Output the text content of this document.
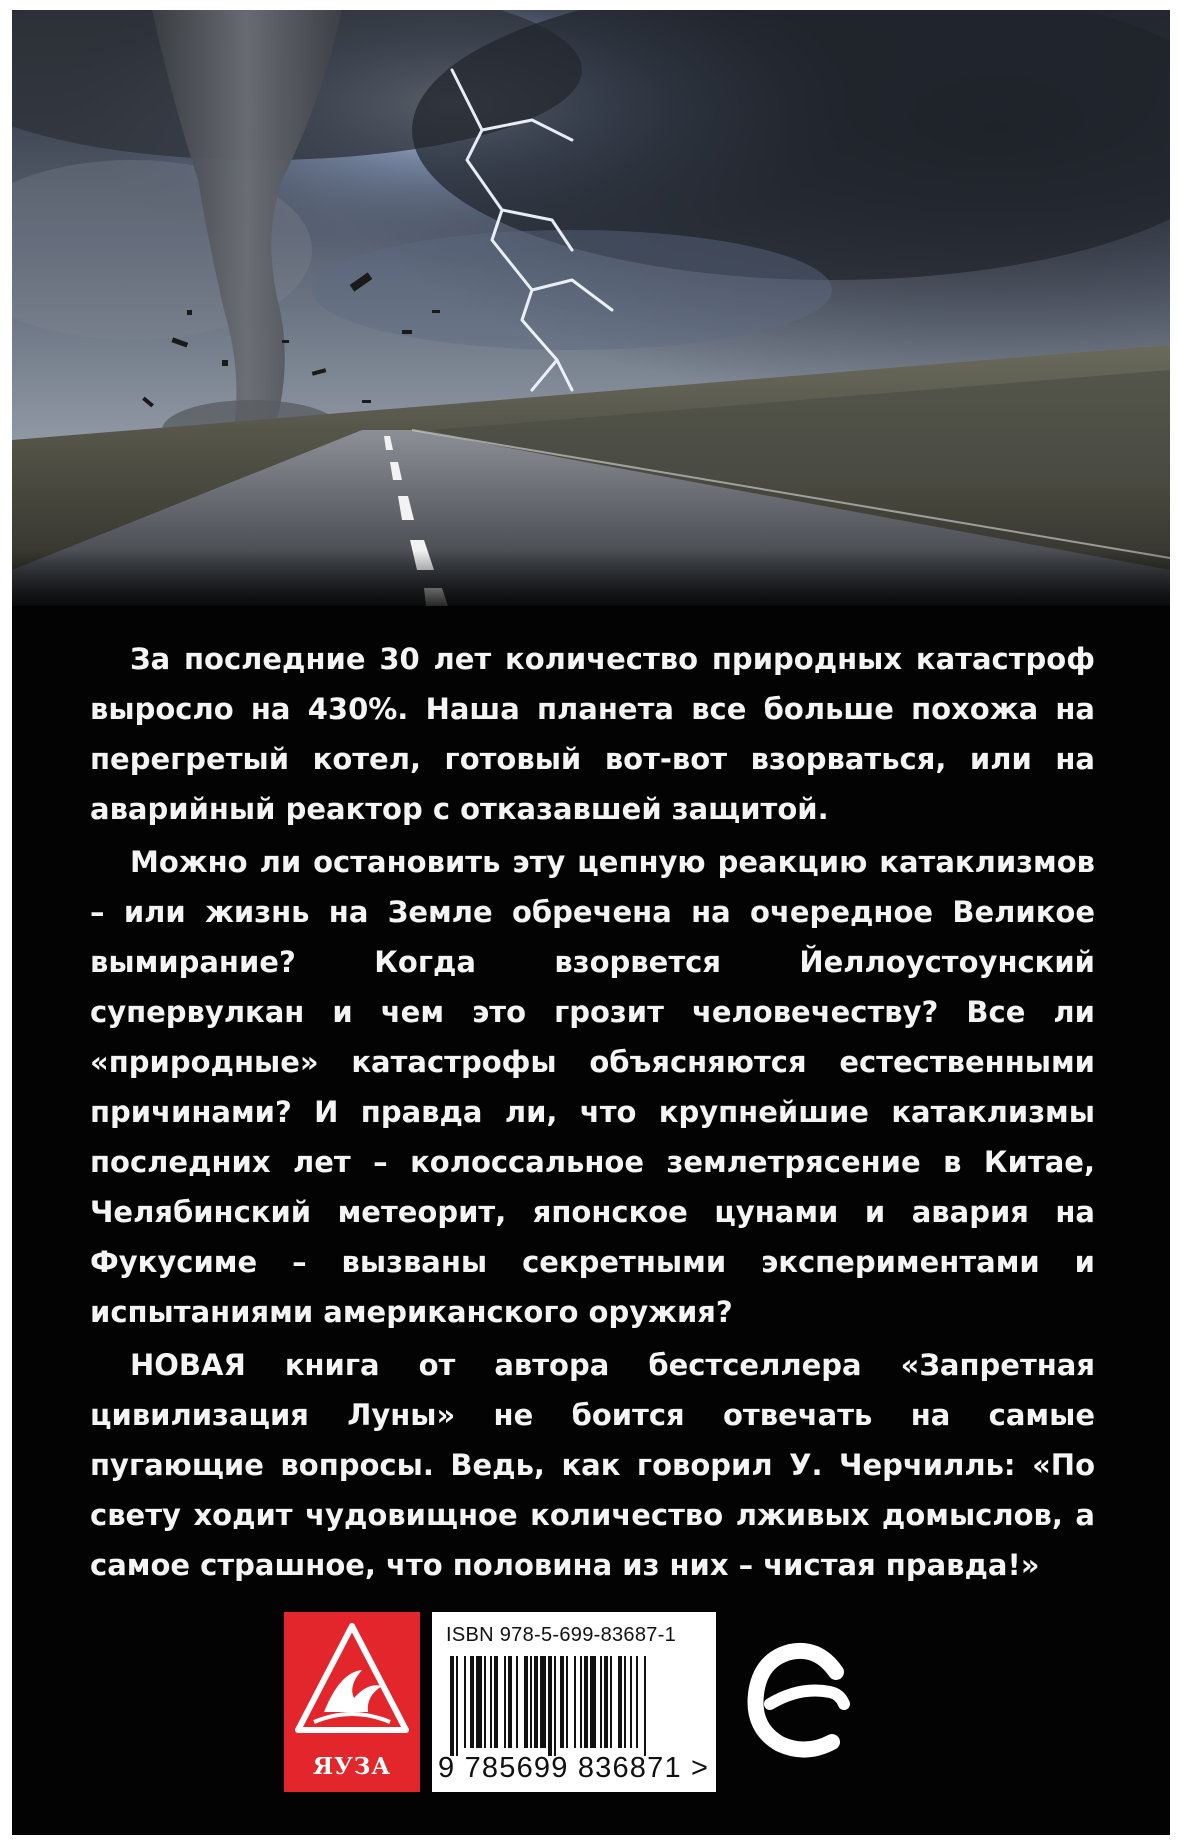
За последние 30 лет количество природных катастроф выросло на 430%. Наша планета все больше похожа на перегретый котел, готовый вот-вот взорваться, или на аварийный реактор с отказавшей защитой.

Можно ли остановить эту цепную реакцию катаклизмов – или жизнь на Земле обречена на очередное Великое вымирание? Когда взорвется Йеллоустоунский супервулкан и чем это грозит человечеству? Все ли «природные» катастрофы объясняются естественными причинами? И правда ли, что крупнейшие катаклизмы последних лет – колоссальное землетрясение в Китае, Челябинский метеорит, японское цунами и авария на Фукусиме – вызваны секретными экспериментами и испытаниями американского оружия?

НОВАЯ книга от автора бестселлера «Запретная цивилизация Луны» не боится отвечать на самые пугающие вопросы. Ведь, как говорил У. Черчилль: «По свету ходит чудовищное количество лживых домыслов, а самое страшное, что половина из них – чистая правда!»

ЯУЗА
ISBN 978-5-699-83687-1
9 785699 836871 >
